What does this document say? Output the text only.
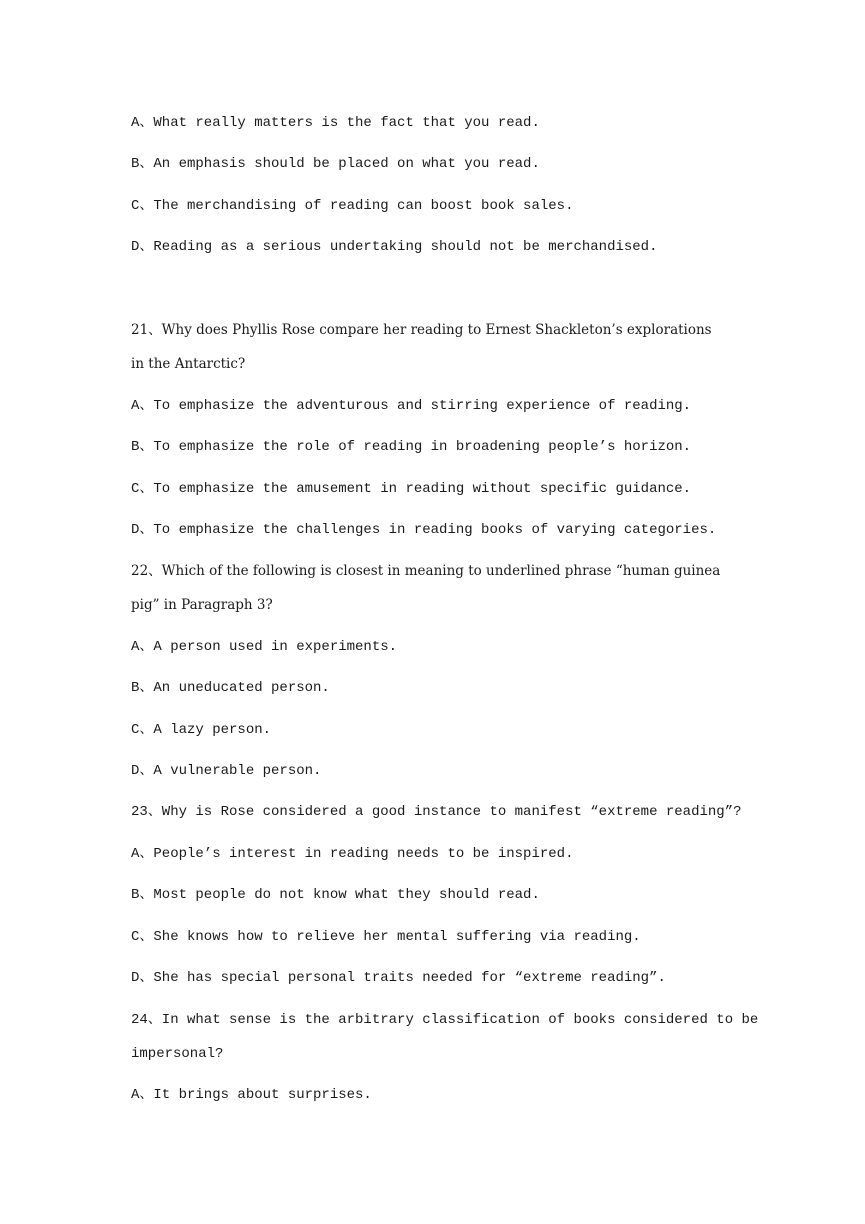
A、What really matters is the fact that you read.
B、An emphasis should be placed on what you read.
C、The merchandising of reading can boost book sales.
D、Reading as a serious undertaking should not be merchandised.
21、Why does Phyllis Rose compare her reading to Ernest Shackleton’s explorations
in the Antarctic?
A、To emphasize the adventurous and stirring experience of reading.
B、To emphasize the role of reading in broadening people’s horizon.
C、To emphasize the amusement in reading without specific guidance.
D、To emphasize the challenges in reading books of varying categories.
22、Which of the following is closest in meaning to underlined phrase “human guinea
pig” in Paragraph 3?
A、A person used in experiments.
B、An uneducated person.
C、A lazy person.
D、A vulnerable person.
23、Why is Rose considered a good instance to manifest “extreme reading”?
A、People’s interest in reading needs to be inspired.
B、Most people do not know what they should read.
C、She knows how to relieve her mental suffering via reading.
D、She has special personal traits needed for “extreme reading”.
24、In what sense is the arbitrary classification of books considered to be
impersonal?
A、It brings about surprises.
